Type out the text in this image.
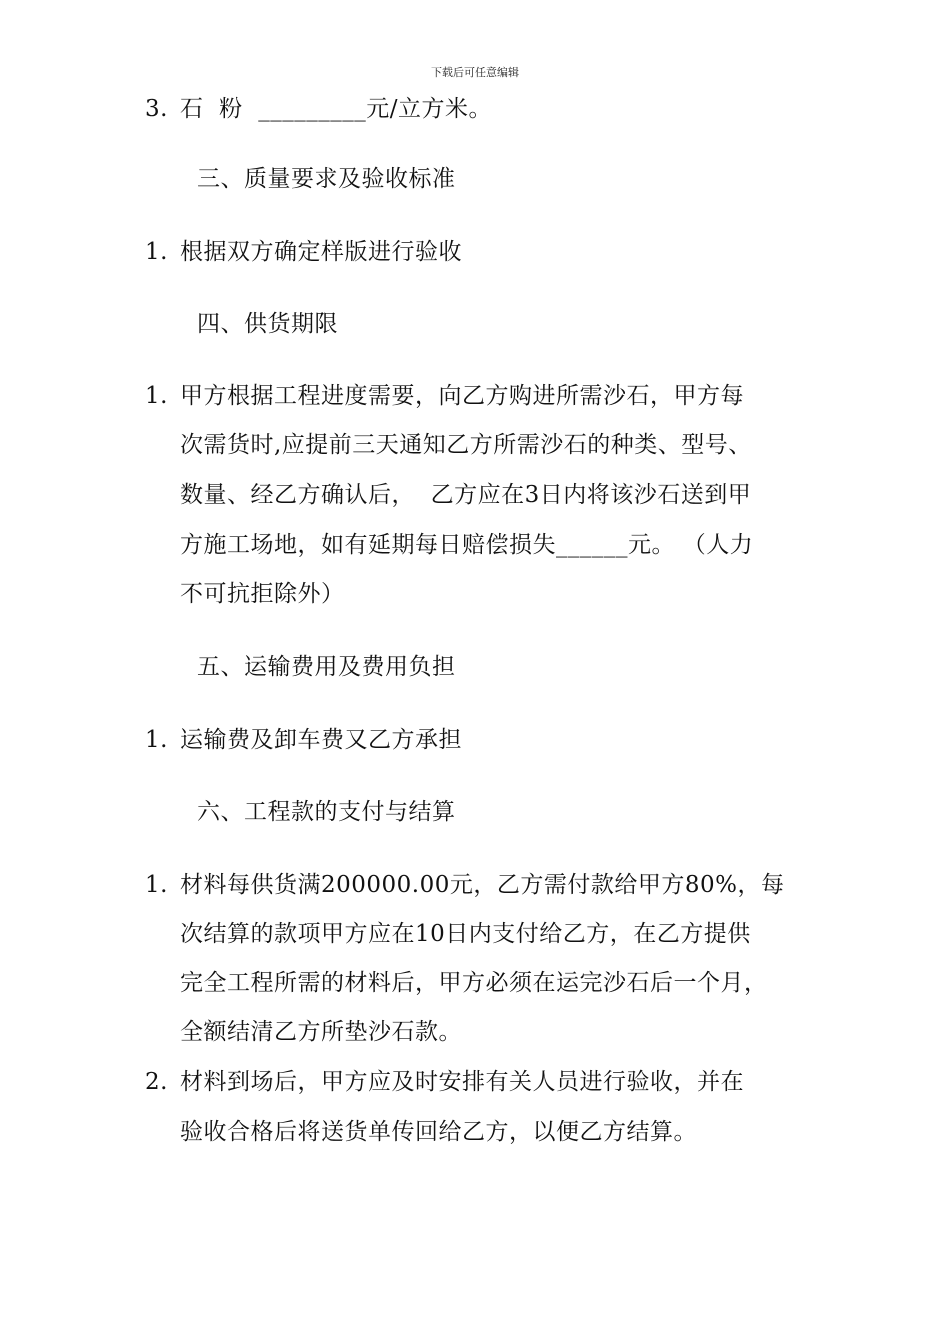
下载后可任意编辑
3. 石  粉  _________元/立方米。
三、质量要求及验收标准
1. 根据双方确定样版进行验收
四、供货期限
1. 甲方根据工程进度需要，向乙方购进所需沙石，甲方每
次需货时,应提前三天通知乙方所需沙石的种类、型号、
数量、经乙方确认后，  乙方应在3日内将该沙石送到甲
方施工场地，如有延期每日赔偿损失______元。 （人力
不可抗拒除外）
五、运输费用及费用负担
1. 运输费及卸车费又乙方承担
六、工程款的支付与结算
1. 材料每供货满200000.00元，乙方需付款给甲方80%，每
次结算的款项甲方应在10日内支付给乙方，在乙方提供
完全工程所需的材料后，甲方必须在运完沙石后一个月，
全额结清乙方所垫沙石款。
2. 材料到场后，甲方应及时安排有关人员进行验收，并在
验收合格后将送货单传回给乙方，以便乙方结算。
